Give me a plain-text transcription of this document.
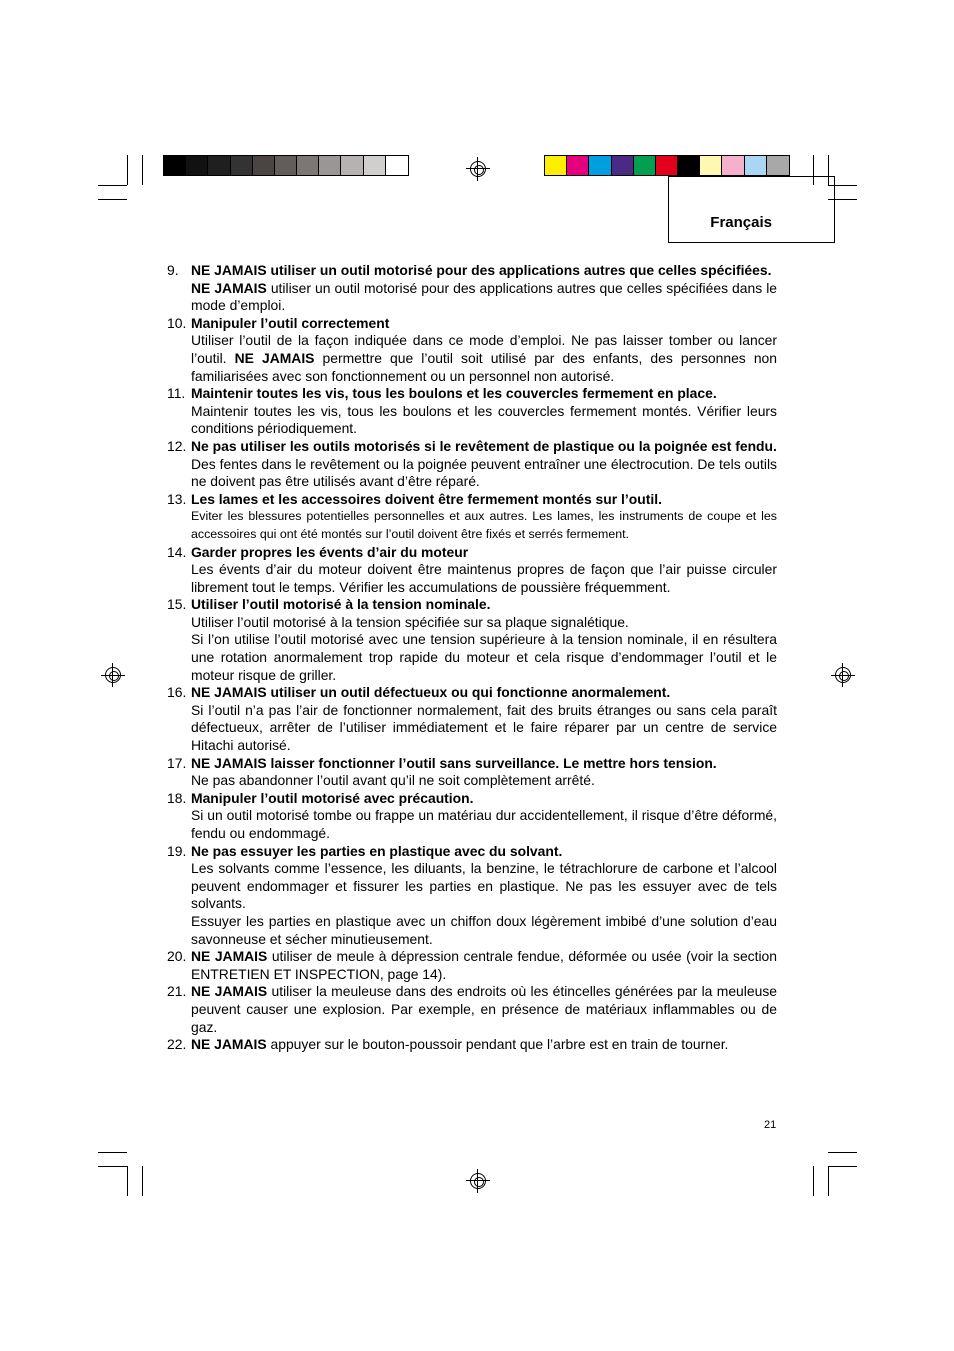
Français
9. NE JAMAIS utiliser un outil motorisé pour des applications autres que celles spécifiées.
NE JAMAIS utiliser un outil motorisé pour des applications autres que celles spécifiées dans le mode d’emploi.
10. Manipuler l’outil correctement
Utiliser l’outil de la façon indiquée dans ce mode d’emploi. Ne pas laisser tomber ou lancer l’outil. NE JAMAIS permettre que l’outil soit utilisé par des enfants, des personnes non familiarisées avec son fonctionnement ou un personnel non autorisé.
11. Maintenir toutes les vis, tous les boulons et les couvercles fermement en place.
Maintenir toutes les vis, tous les boulons et les couvercles fermement montés. Vérifier leurs conditions périodiquement.
12. Ne pas utiliser les outils motorisés si le revêtement de plastique ou la poignée est fendu.
Des fentes dans le revêtement ou la poignée peuvent entraîner une électrocution. De tels outils ne doivent pas être utilisés avant d’être réparé.
13. Les lames et les accessoires doivent être fermement montés sur l’outil.
Eviter les blessures potentielles personnelles et aux autres. Les lames, les instruments de coupe et les accessoires qui ont été montés sur l’outil doivent être fixés et serrés fermement.
14. Garder propres les évents d’air du moteur
Les évents d’air du moteur doivent être maintenus propres de façon que l’air puisse circuler librement tout le temps. Vérifier les accumulations de poussière fréquemment.
15. Utiliser l’outil motorisé à la tension nominale.
Utiliser l’outil motorisé à la tension spécifiée sur sa plaque signalétique.
Si l’on utilise l’outil motorisé avec une tension supérieure à la tension nominale, il en résultera une rotation anormalement trop rapide du moteur et cela risque d’endommager l’outil et le moteur risque de griller.
16. NE JAMAIS utiliser un outil défectueux ou qui fonctionne anormalement.
Si l’outil n’a pas l’air de fonctionner normalement, fait des bruits étranges ou sans cela paraît défectueux, arrêter de l’utiliser immédiatement et le faire réparer par un centre de service Hitachi autorisé.
17. NE JAMAIS laisser fonctionner l’outil sans surveillance. Le mettre hors tension.
Ne pas abandonner l’outil avant qu’il ne soit complètement arrêté.
18. Manipuler l’outil motorisé avec précaution.
Si un outil motorisé tombe ou frappe un matériau dur accidentellement, il risque d’être déformé, fendu ou endommagé.
19. Ne pas essuyer les parties en plastique avec du solvant.
Les solvants comme l’essence, les diluants, la benzine, le tétrachlorure de carbone et l’alcool peuvent endommager et fissurer les parties en plastique. Ne pas les essuyer avec de tels solvants.
Essuyer les parties en plastique avec un chiffon doux légèrement imbibé d’une solution d’eau savonneuse et sécher minutieusement.
20. NE JAMAIS utiliser de meule à dépression centrale fendue, déformée ou usée (voir la section ENTRETIEN ET INSPECTION, page 14).
21. NE JAMAIS utiliser la meuleuse dans des endroits où les étincelles générées par la meuleuse peuvent causer une explosion. Par exemple, en présence de matériaux inflammables ou de gaz.
22. NE JAMAIS appuyer sur le bouton-poussoir pendant que l’arbre est en train de tourner.
21
